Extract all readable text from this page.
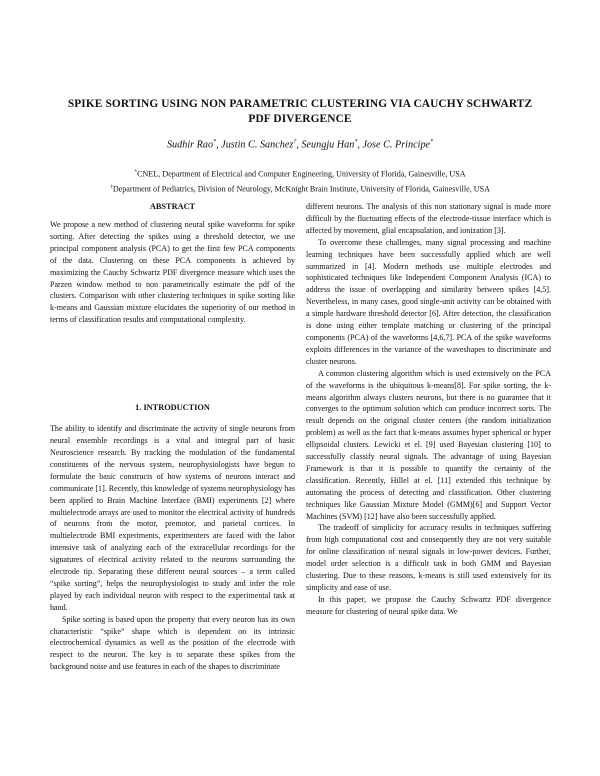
SPIKE SORTING USING NON PARAMETRIC CLUSTERING VIA CAUCHY SCHWARTZ
PDF DIVERGENCE
Sudhir Rao*, Justin C. Sanchez†, Seungju Han*, Jose C. Principe*
*CNEL, Department of Electrical and Computer Engineering, University of Florida, Gainesville, USA
†Department of Pediatrics, Division of Neurology, McKnight Brain Institute, University of Florida, Gainesville, USA
ABSTRACT

We propose a new method of clustering neural spike waveforms for spike sorting. After detecting the spikes using a threshold detector, we use principal component analysis (PCA) to get the first few PCA components of the data. Clustering on these PCA components is achieved by maximizing the Cauchy Schwartz PDF divergence measure which uses the Parzen window method to non parametrically estimate the pdf of the clusters. Comparison with other clustering techniques in spike sorting like k-means and Gaussian mixture elucidates the superiority of our method in terms of classification results and computational complexity.

1. INTRODUCTION

The ability to identify and discriminate the activity of single neurons from neural ensemble recordings is a vital and integral part of basic Neuroscience research. By tracking the modulation of the fundamental constituents of the nervous system, neurophysiologists have begun to formulate the basic constructs of how systems of neurons interact and communicate [1]. Recently, this knowledge of systems neurophysiology has been applied to Brain Machine Interface (BMI) experiments [2] where multielectrode arrays are used to monitor the electrical activity of hundreds of neurons from the motor, premotor, and parietal cortices. In multielectrode BMI experiments, experimenters are faced with the labor intensive task of analyzing each of the extracellular recordings for the signatures of electrical activity related to the neurons surrounding the electrode tip. Separating these different neural sources – a term called “spike sorting”, helps the neurophysiologist to study and infer the role played by each individual neuron with respect to the experimental task at hand.

Spike sorting is based upon the property that every neuron has its own characteristic “spike” shape which is dependent on its intrinsic electrochemical dynamics as well as the position of the electrode with respect to the neuron. The key is to separate these spikes from the background noise and use features in each of the shapes to discriminate

different neurons. The analysis of this non stationary signal is made more difficult by the fluctuating effects of the electrode-tissue interface which is affected by movement, glial encapsulation, and ionization [3].

To overcome these challenges, many signal processing and machine learning techniques have been successfully applied which are well summarized in [4]. Modern methods use multiple electrodes and sophisticated techniques like Independent Component Analysis (ICA) to address the issue of overlapping and similarity between spikes [4,5]. Nevertheless, in many cases, good single-unit activity can be obtained with a simple hardware threshold detector [6]. After detection, the classification is done using either template matching or clustering of the principal components (PCA) of the waveforms [4,6,7]. PCA of the spike waveforms exploits differences in the variance of the waveshapes to discriminate and cluster neurons.

A common clustering algorithm which is used extensively on the PCA of the waveforms is the ubiquitous k-means[8]. For spike sorting, the k-means algorithm always clusters neurons, but there is no guarantee that it converges to the optimum solution which can produce incorrect sorts. The result depends on the original cluster centers (the random initialization problem) as well as the fact that k-means assumes hyper spherical or hyper ellipsoidal clusters. Lewicki et el. [9] used Bayesian clustering [10] to successfully classify neural signals. The advantage of using Bayesian Framework is that it is possible to quantify the certainty of the classification. Recently, Hillel at el. [11] extended this technique by automating the process of detecting and classification. Other clustering techniques like Gaussian Mixture Model (GMM)[6] and Support Vector Machines (SVM) [12] have also been successfully applied.

The tradeoff of simplicity for accuracy results in techniques suffering from high computational cost and consequently they are not very suitable for online classification of neural signals in low-power devices. Further, model order selection is a difficult task in both GMM and Bayesian clustering. Due to these reasons, k-means is still used extensively for its simplicity and ease of use.

In this paper, we propose the Cauchy Schwartz PDF divergence measure for clustering of neural spike data. We
